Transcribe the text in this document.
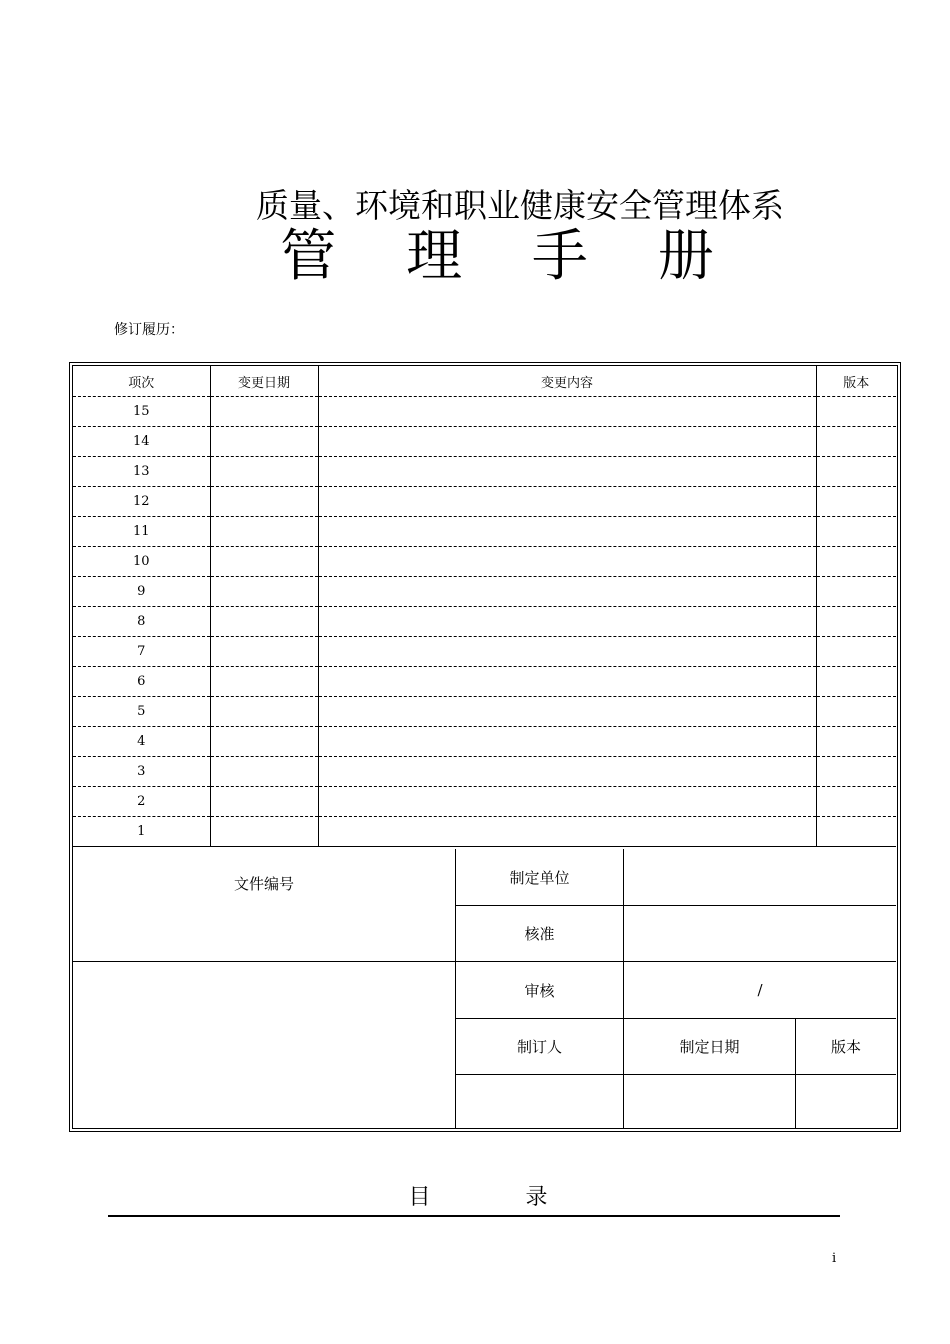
质量、环境和职业健康安全管理体系
管 理 手 册
修订履历：
项次	变更日期	变更内容	版本
15			
14			
13			
12			
11			
10			
9			
8			
7			
6			
5			
4			
3			
2			
1			
文件编号	制定单位
核准
审核	/
制订人	制定日期	版本
目 录
i
